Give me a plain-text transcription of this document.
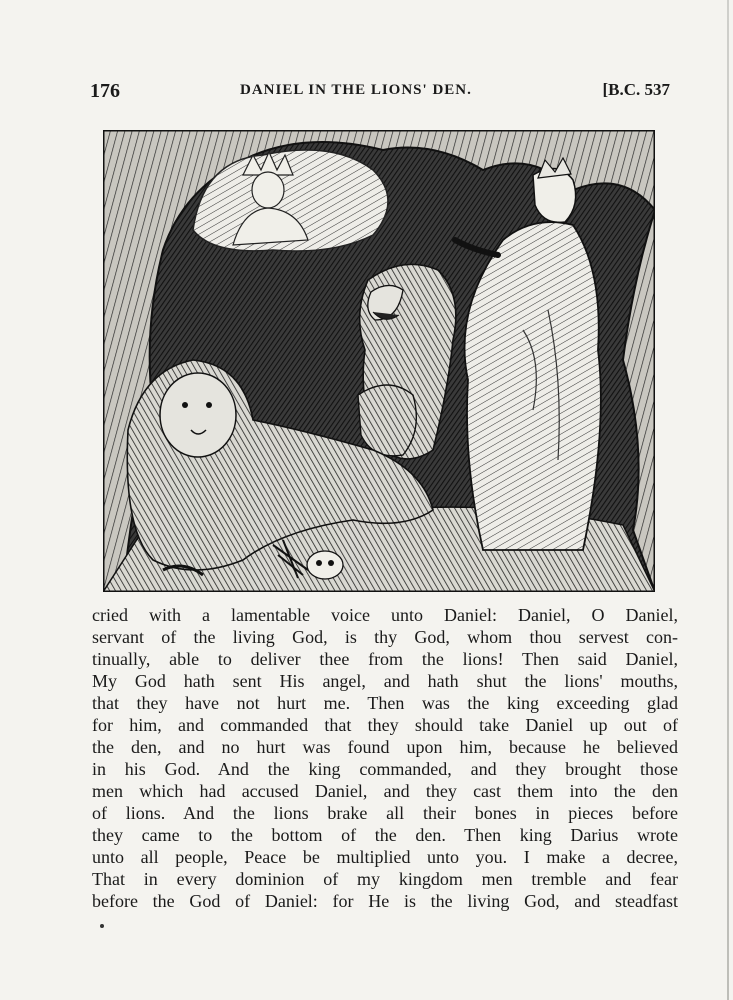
176	DANIEL IN THE LIONS' DEN.	[B.C. 537
cried with a lamentable voice unto Daniel: Daniel, O Daniel,
servant of the living God, is thy God, whom thou servest con-
tinually, able to deliver thee from the lions! Then said Daniel,
My God hath sent His angel, and hath shut the lions' mouths,
that they have not hurt me. Then was the king exceeding glad
for him, and commanded that they should take Daniel up out of
the den, and no hurt was found upon him, because he believed
in his God. And the king commanded, and they brought those
men which had accused Daniel, and they cast them into the den
of lions. And the lions brake all their bones in pieces before
they came to the bottom of the den. Then king Darius wrote
unto all people, Peace be multiplied unto you. I make a decree,
That in every dominion of my kingdom men tremble and fear
before the God of Daniel: for He is the living God, and steadfast
